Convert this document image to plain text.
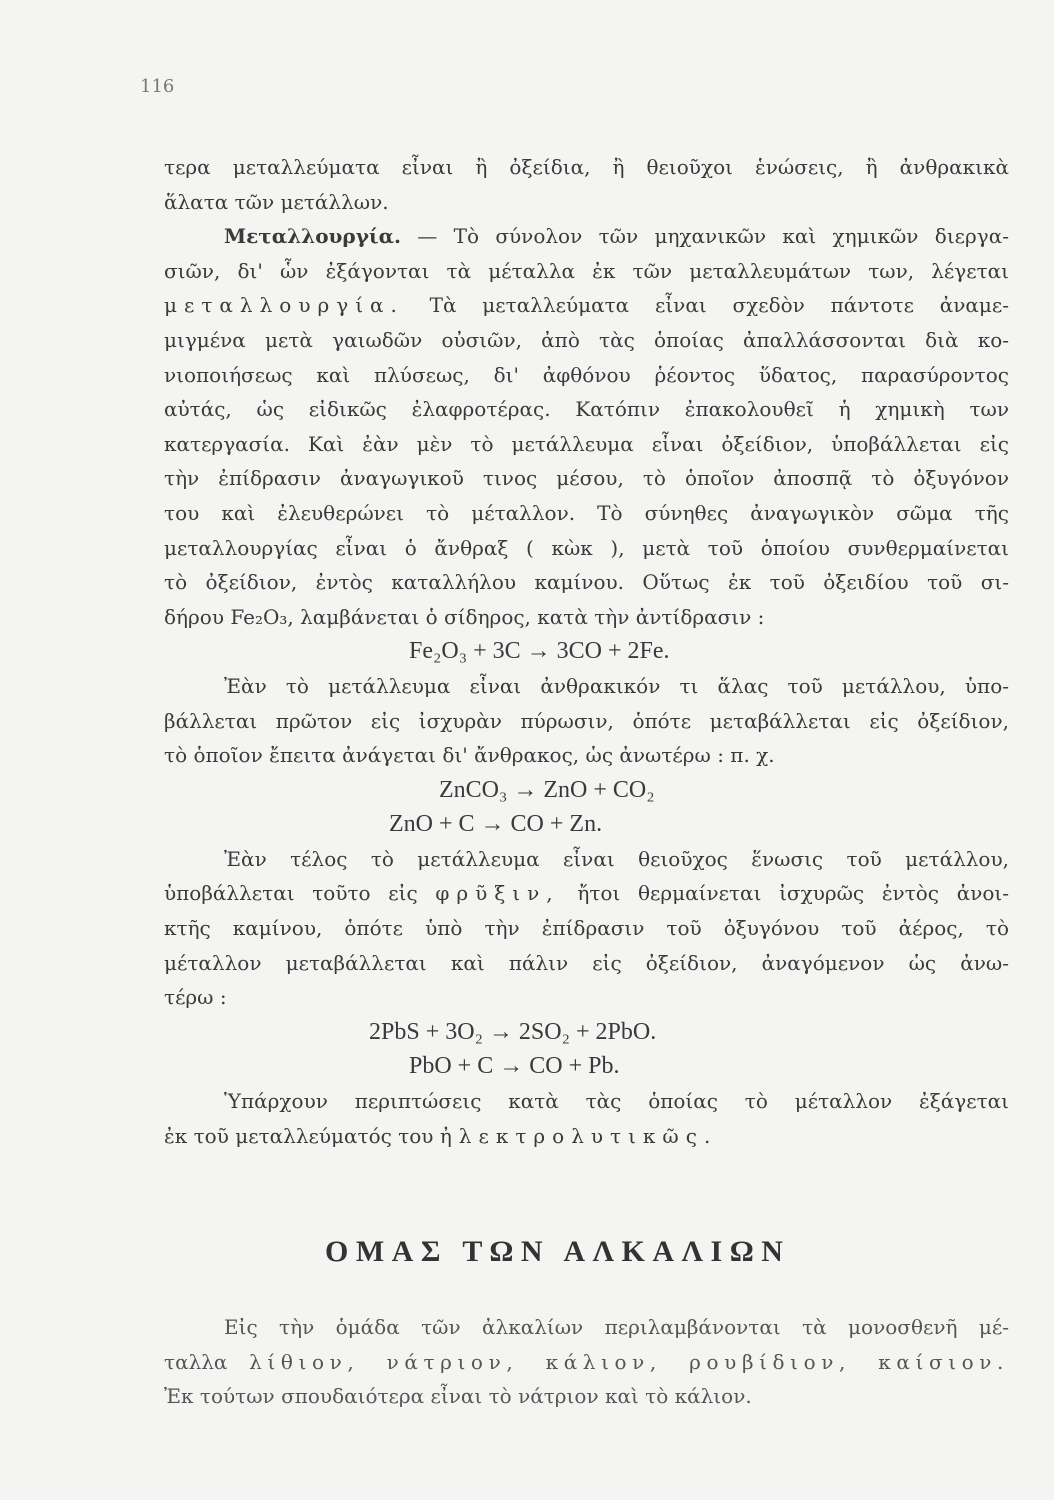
116
τερα μεταλλεύματα εἶναι ἢ ὀξείδια, ἢ θειοῦχοι ἑνώσεις, ἢ ἀνθρακικὰ
ἅλατα τῶν μετάλλων.
Μεταλλουργία. — Τὸ σύνολον τῶν μηχανικῶν καὶ χημικῶν διεργα-
σιῶν, δι' ὧν ἐξάγονται τὰ μέταλλα ἐκ τῶν μεταλλευμάτων των, λέγεται
μεταλλουργία. Τὰ μεταλλεύματα εἶναι σχεδὸν πάντοτε ἀναμε-
μιγμένα μετὰ γαιωδῶν οὐσιῶν, ἀπὸ τὰς ὁποίας ἀπαλλάσσονται διὰ κο-
νιοποιήσεως καὶ πλύσεως, δι' ἀφθόνου ῥέοντος ὕδατος, παρασύροντος
αὐτάς, ὡς εἰδικῶς ἐλαφροτέρας. Κατόπιν ἐπακολουθεῖ ἡ χημικὴ των
κατεργασία. Καὶ ἐὰν μὲν τὸ μετάλλευμα εἶναι ὀξείδιον, ὑποβάλλεται εἰς
τὴν ἐπίδρασιν ἀναγωγικοῦ τινος μέσου, τὸ ὁποῖον ἀποσπᾷ τὸ ὀξυγόνον
του καὶ ἐλευθερώνει τὸ μέταλλον. Τὸ σύνηθες ἀναγωγικὸν σῶμα τῆς
μεταλλουργίας εἶναι ὁ ἄνθραξ ( κὼκ ), μετὰ τοῦ ὁποίου συνθερμαίνεται
τὸ ὀξείδιον, ἐντὸς καταλλήλου καμίνου. Οὕτως ἐκ τοῦ ὀξειδίου τοῦ σι-
δήρου Fe₂O₃, λαμβάνεται ὁ σίδηρος, κατὰ τὴν ἀντίδρασιν :
Fe₂O₃ + 3C → 3CO + 2Fe.
Ἐὰν τὸ μετάλλευμα εἶναι ἀνθρακικόν τι ἅλας τοῦ μετάλλου, ὑπο-
βάλλεται πρῶτον εἰς ἰσχυρὰν πύρωσιν, ὁπότε μεταβάλλεται εἰς ὀξείδιον,
τὸ ὁποῖον ἔπειτα ἀνάγεται δι' ἄνθρακος, ὡς ἀνωτέρω : π. χ.
ZnCO₃ → ZnO + CO₂
ZnO + C → CO + Zn.
Ἐὰν τέλος τὸ μετάλλευμα εἶναι θειοῦχος ἕνωσις τοῦ μετάλλου,
ὑποβάλλεται τοῦτο εἰς φρῦξιν, ἤτοι θερμαίνεται ἰσχυρῶς ἐντὸς ἀνοι-
κτῆς καμίνου, ὁπότε ὑπὸ τὴν ἐπίδρασιν τοῦ ὀξυγόνου τοῦ ἀέρος, τὸ
μέταλλον μεταβάλλεται καὶ πάλιν εἰς ὀξείδιον, ἀναγόμενον ὡς ἀνω-
τέρω :
2PbS + 3O₂ → 2SO₂ + 2PbO.
PbO + C → CO + Pb.
Ὑπάρχουν περιπτώσεις κατὰ τὰς ὁποίας τὸ μέταλλον ἐξάγεται
ἐκ τοῦ μεταλλεύματός του ἠλεκτρολυτικῶς.
ΟΜΑΣ ΤΩΝ ΑΛΚΑΛΙΩΝ
Εἰς τὴν ὁμάδα τῶν ἀλκαλίων περιλαμβάνονται τὰ μονοσθενῆ μέ-
ταλλα λίθιον, νάτριον, κάλιον, ρουβίδιον, καίσιον.
Ἐκ τούτων σπουδαιότερα εἶναι τὸ νάτριον καὶ τὸ κάλιον.
